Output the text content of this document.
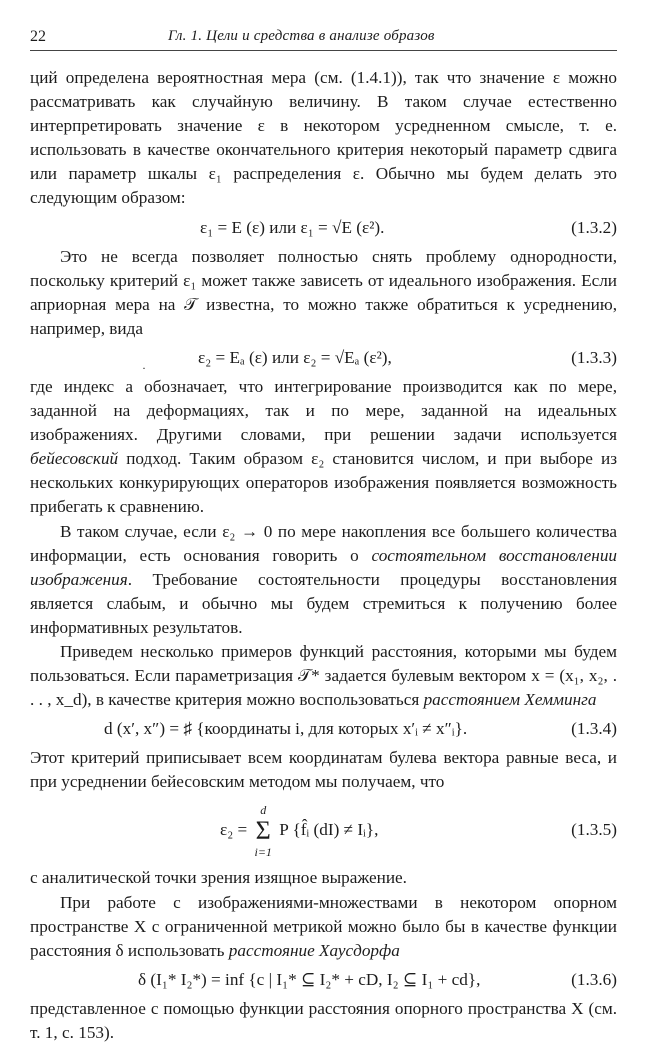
22	Гл. 1. Цели и средства в анализе образов

ций определена вероятностная мера (см. (1.4.1)), так что значение ε можно рассматривать как случайную величину. В таком случае естественно интерпретировать значение ε в некотором усредненном смысле, т. е. использовать в качестве окончательного критерия некоторый параметр сдвига или параметр шкалы ε₁ распределения ε. Обычно мы будем делать это следующим образом:

ε₁ = E (ε) или ε₁ = √E (ε²).	(1.3.2)

Это не всегда позволяет полностью снять проблему однородности, поскольку критерий ε₁ может также зависеть от идеального изображения. Если априорная мера на 𝒯 известна, то можно также обратиться к усреднению, например, вида

·
ε₂ = Eₐ (ε) или ε₂ = √Eₐ (ε²),	(1.3.3)

где индекс a обозначает, что интегрирование производится как по мере, заданной на деформациях, так и по мере, заданной на идеальных изображениях. Другими словами, при решении задачи используется бейесовский подход. Таким образом ε₂ становится числом, и при выборе из нескольких конкурирующих операторов изображения появляется возможность прибегать к сравнению.

В таком случае, если ε₂ → 0 по мере накопления все большего количества информации, есть основания говорить о состоятельном восстановлении изображения. Требование состоятельности процедуры восстановления является слабым, и обычно мы будем стремиться к получению более информативных результатов.

Приведем несколько примеров функций расстояния, которыми мы будем пользоваться. Если параметризация 𝒯* задается булевым вектором x = (x₁, x₂, . . . , x_d), в качестве критерия можно воспользоваться расстоянием Хемминга

d (x′, x″) = ♯ {координаты i, для которых x′ᵢ ≠ x″ᵢ}.	(1.3.4)

Этот критерий приписывает всем координатам булева вектора равные веса, и при усреднении бейесовским методом мы получаем, что

ε₂ =
d
Σ
i=1
P {f̂ᵢ (dI) ≠ Iᵢ},	(1.3.5)

с аналитической точки зрения изящное выражение.

При работе с изображениями-множествами в некотором опорном пространстве X с ограниченной метрикой можно было бы в качестве функции расстояния δ использовать расстояние Хаусдорфа

δ (I₁* I₂*) = inf {c | I₁* ⊆ I₂* + cD, I₂ ⊆ I₁ + cd},	(1.3.6)

представленное с помощью функции расстояния опорного пространства X (см. т. 1, с. 153).
